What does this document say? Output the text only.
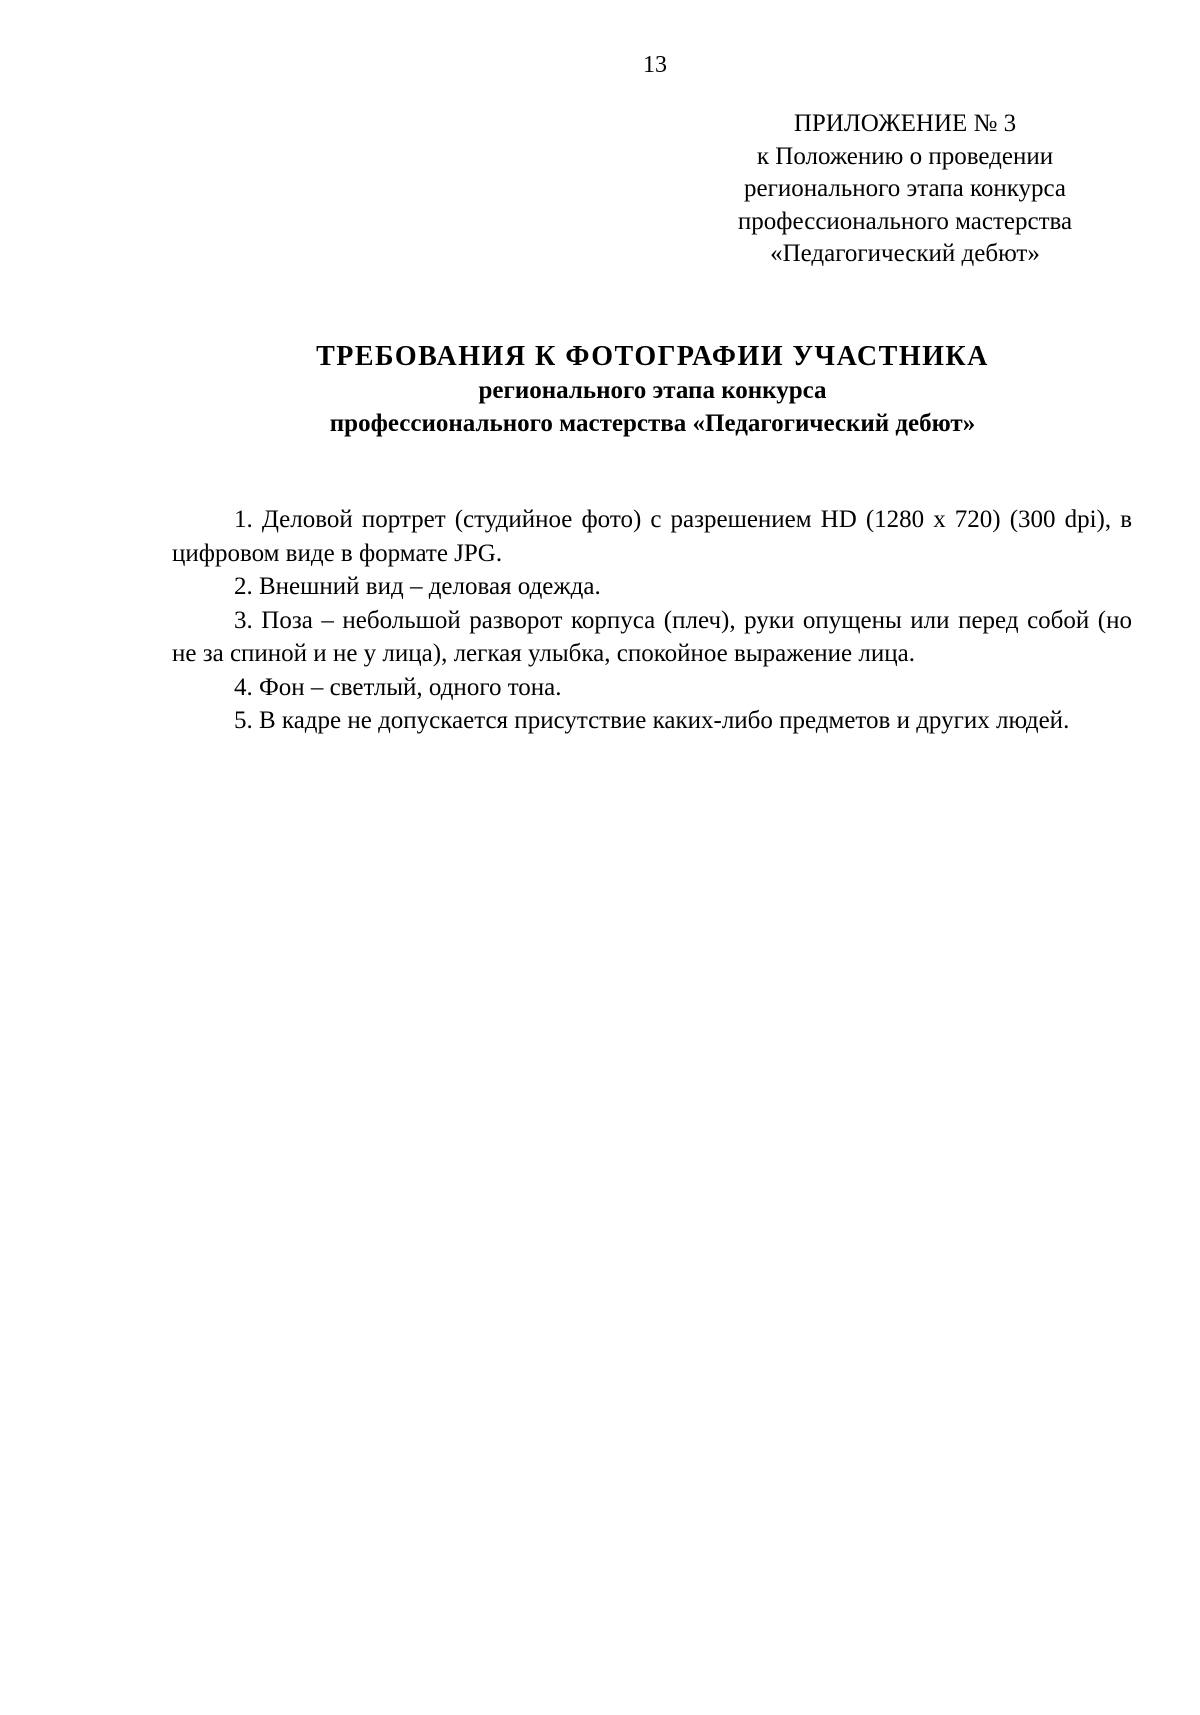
13
ПРИЛОЖЕНИЕ № 3
к Положению о проведении
регионального этапа конкурса
профессионального мастерства
«Педагогический дебют»
ТРЕБОВАНИЯ К ФОТОГРАФИИ УЧАСТНИКА
регионального этапа конкурса
профессионального мастерства «Педагогический дебют»

1. Деловой портрет (студийное фото) с разрешением HD (1280 х 720) (300 dpi), в цифровом виде в формате JPG.

2. Внешний вид – деловая одежда.

3. Поза – небольшой разворот корпуса (плеч), руки опущены или перед собой (но не за спиной и не у лица), легкая улыбка, спокойное выражение лица.

4. Фон – светлый, одного тона.

5. В кадре не допускается присутствие каких-либо предметов и других людей.
